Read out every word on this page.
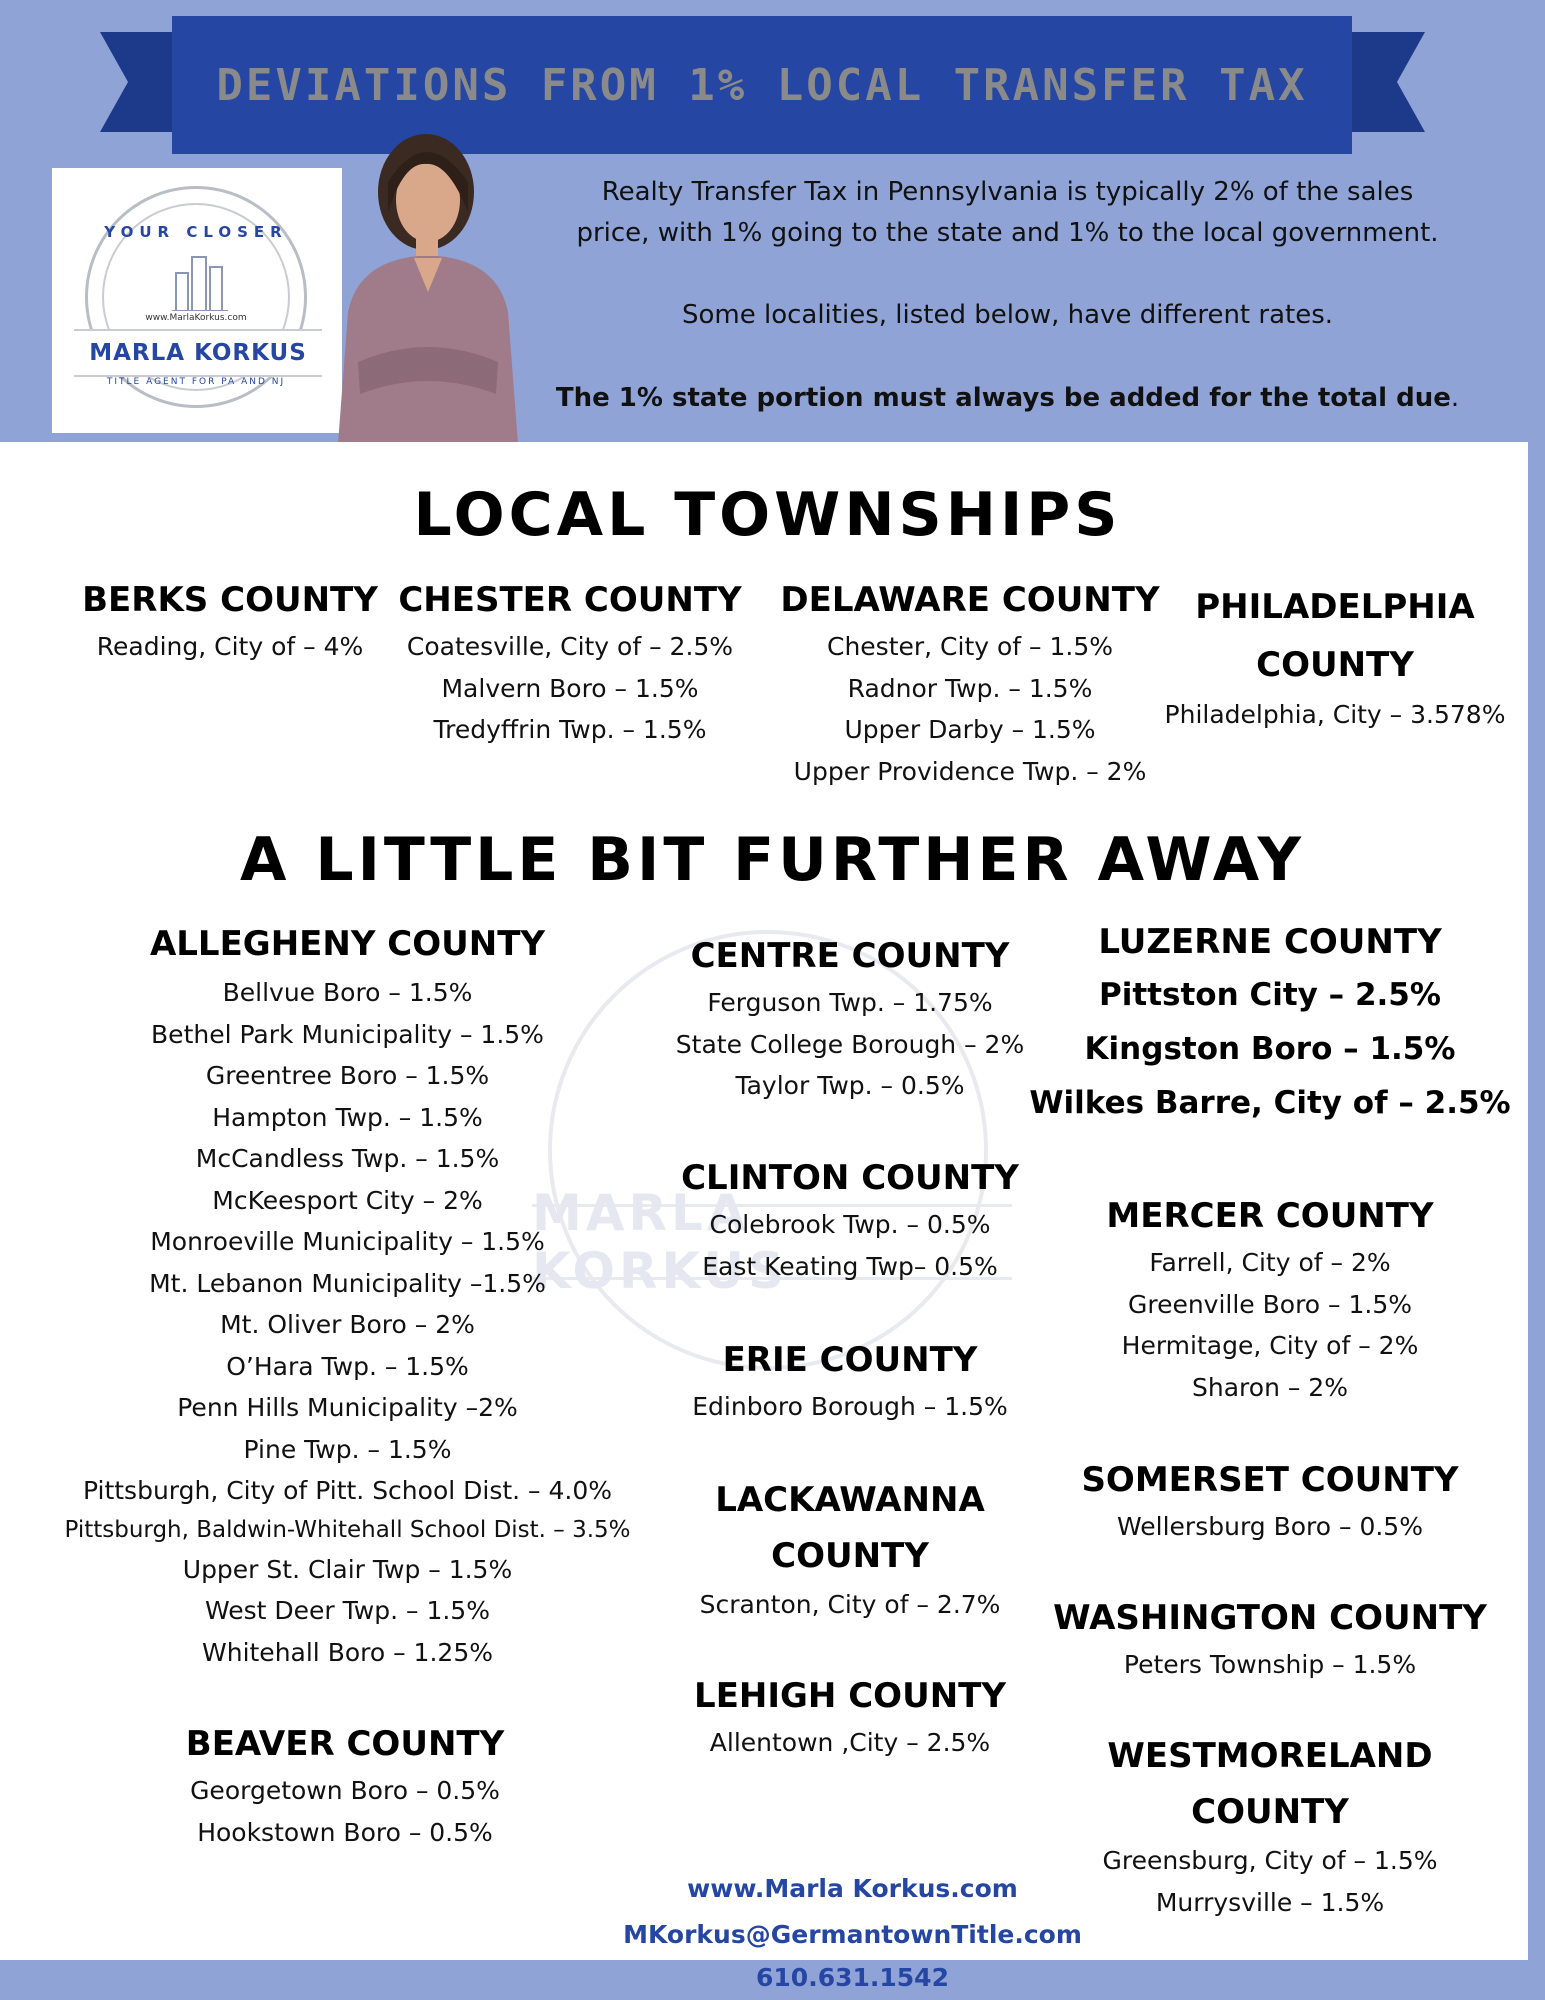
DEVIATIONS FROM 1% LOCAL TRANSFER TAX
YOUR CLOSER
www.MarlaKorkus.com
MARLA KORKUS
TITLE AGENT FOR PA AND NJ

Realty Transfer Tax in Pennsylvania is typically 2% of the sales

price, with 1% going to the state and 1% to the local government.

Some localities, listed below, have different rates.

The 1% state portion must always be added for the total due.

MARLA KORKUS
LOCAL TOWNSHIPS
A LITTLE BIT FURTHER AWAY
BERKS COUNTY
Reading, City of – 4%
CHESTER COUNTY
Coatesville, City of – 2.5%
Malvern Boro – 1.5%
Tredyffrin Twp. – 1.5%
DELAWARE COUNTY
Chester, City of – 1.5%
Radnor Twp. – 1.5%
Upper Darby – 1.5%
Upper Providence Twp. – 2%
PHILADELPHIA
COUNTY
Philadelphia, City – 3.578%
ALLEGHENY COUNTY
Bellvue Boro – 1.5%
Bethel Park Municipality – 1.5%
Greentree Boro – 1.5%
Hampton Twp. – 1.5%
McCandless Twp. – 1.5%
McKeesport City – 2%
Monroeville Municipality – 1.5%
Mt. Lebanon Municipality –1.5%
Mt. Oliver Boro – 2%
O’Hara Twp. – 1.5%
Penn Hills Municipality –2%
Pine Twp. – 1.5%
Pittsburgh, City of Pitt. School Dist. – 4.0%
Pittsburgh, Baldwin-Whitehall School Dist. – 3.5%
Upper St. Clair Twp – 1.5%
West Deer Twp. – 1.5%
Whitehall Boro – 1.25%
BEAVER COUNTY
Georgetown Boro – 0.5%
Hookstown Boro – 0.5%
CENTRE COUNTY
Ferguson Twp. – 1.75%
State College Borough – 2%
Taylor Twp. – 0.5%
CLINTON COUNTY
Colebrook Twp. – 0.5%
East Keating Twp– 0.5%
ERIE COUNTY
Edinboro Borough – 1.5%
LACKAWANNA
COUNTY
Scranton, City of – 2.7%
LEHIGH COUNTY
Allentown ,City – 2.5%
LUZERNE COUNTY
Pittston City – 2.5%
Kingston Boro – 1.5%
Wilkes Barre, City of – 2.5%
MERCER COUNTY
Farrell, City of – 2%
Greenville Boro – 1.5%
Hermitage, City of – 2%
Sharon – 2%
SOMERSET COUNTY
Wellersburg Boro – 0.5%
WASHINGTON COUNTY
Peters Township – 1.5%
WESTMORELAND
COUNTY
Greensburg, City of – 1.5%
Murrysville – 1.5%
www.Marla Korkus.com
MKorkus@GermantownTitle.com
610.631.1542
